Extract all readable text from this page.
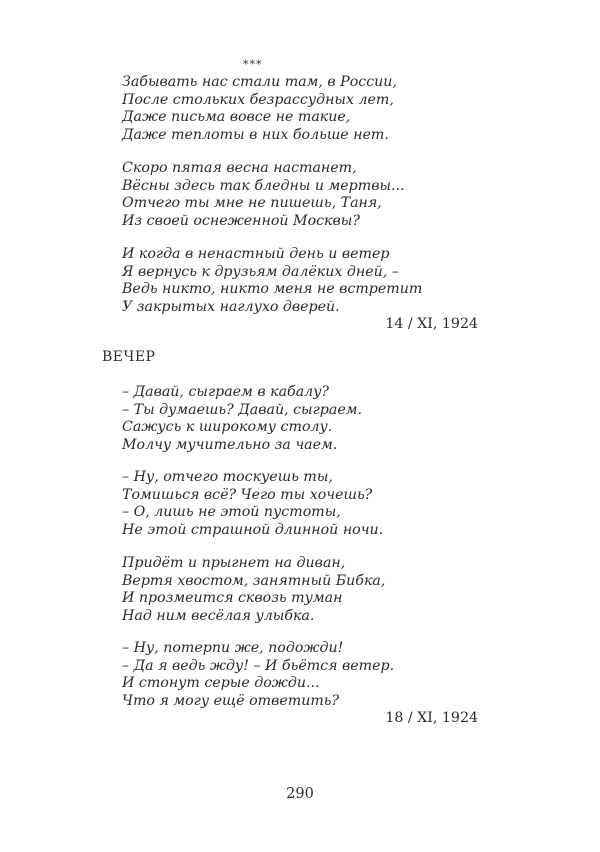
***
Забывать нас стали там, в России,
После стольких безрассудных лет,
Даже письма вовсе не такие,
Даже теплоты в них больше нет.
Скоро пятая весна настанет,
Вёсны здесь так бледны и мертвы...
Отчего ты мне не пишешь, Таня,
Из своей оснеженной Москвы?
И когда в ненастный день и ветер
Я вернусь к друзьям далёких дней, –
Ведь никто, никто меня не встретит
У закрытых наглухо дверей.
14 / XI, 1924
ВЕЧЕР
– Давай, сыграем в кабалу?
– Ты думаешь? Давай, сыграем.
Сажусь к широкому столу.
Молчу мучительно за чаем.
– Ну, отчего тоскуешь ты,
Томишься всё? Чего ты хочешь?
– О, лишь не этой пустоты,
Не этой страшной длинной ночи.
Придёт и прыгнет на диван,
Вертя хвостом, занятный Бибка,
И прозмеится сквозь туман
Над ним весёлая улыбка.
– Ну, потерпи же, подожди!
– Да я ведь жду! – И бьётся ветер.
И стонут серые дожди...
Что я могу ещё ответить?
18 / XI, 1924
290
